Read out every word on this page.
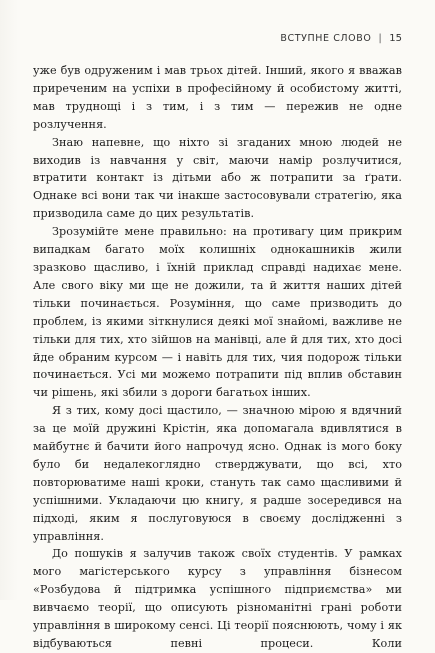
ВСТУПНЕ СЛОВО | 15

уже був одруженим і мав трьох дітей. Інший, якого я вважав приреченим на успіхи в професійному й особистому житті, мав труднощі і з тим, і з тим — пережив не одне розлучення.

Знаю напевне, що ніхто зі згаданих мною людей не виходив із навчання у світ, маючи намір розлучитися, втратити контакт із дітьми або ж потрапити за ґрати. Однаке всі вони так чи інакше застосовували стратегію, яка призводила саме до цих результатів.

Зрозумійте мене правильно: на противагу цим прикрим випадкам багато моїх колишніх однокашників жили зразково щасливо, і їхній приклад справді надихає мене. Але свого віку ми ще не дожили, та й життя наших дітей тільки починається. Розуміння, що саме призводить до проблем, із якими зіткнулися деякі мої знайомі, важливе не тільки для тих, хто зійшов на манівці, але й для тих, хто досі йде обраним курсом — і навіть для тих, чия подорож тільки починається. Усі ми можемо потрапити під вплив обставин чи рішень, які збили з дороги багатьох інших.

Я з тих, кому досі щастило, — значною мірою я вдячний за це моїй дружині Крістін, яка допомагала вдивлятися в майбутнє й бачити його напрочуд ясно. Однак із мого боку було би недалекоглядно стверджувати, що всі, хто повторюватиме наші кроки, стануть так само щасливими й успішними. Укладаючи цю книгу, я радше зосередився на підході, яким я послуговуюся в своєму дослідженні з управління.

До пошуків я залучив також своїх студентів. У рамках мого магістерського курсу з управління бізнесом «Розбудова й підтримка успішного підприємства» ми вивчаємо теорії, що описують різноманітні грані роботи управління в широкому сенсі. Ці теорії пояснюють, чому і як відбуваються певні процеси. Коли
